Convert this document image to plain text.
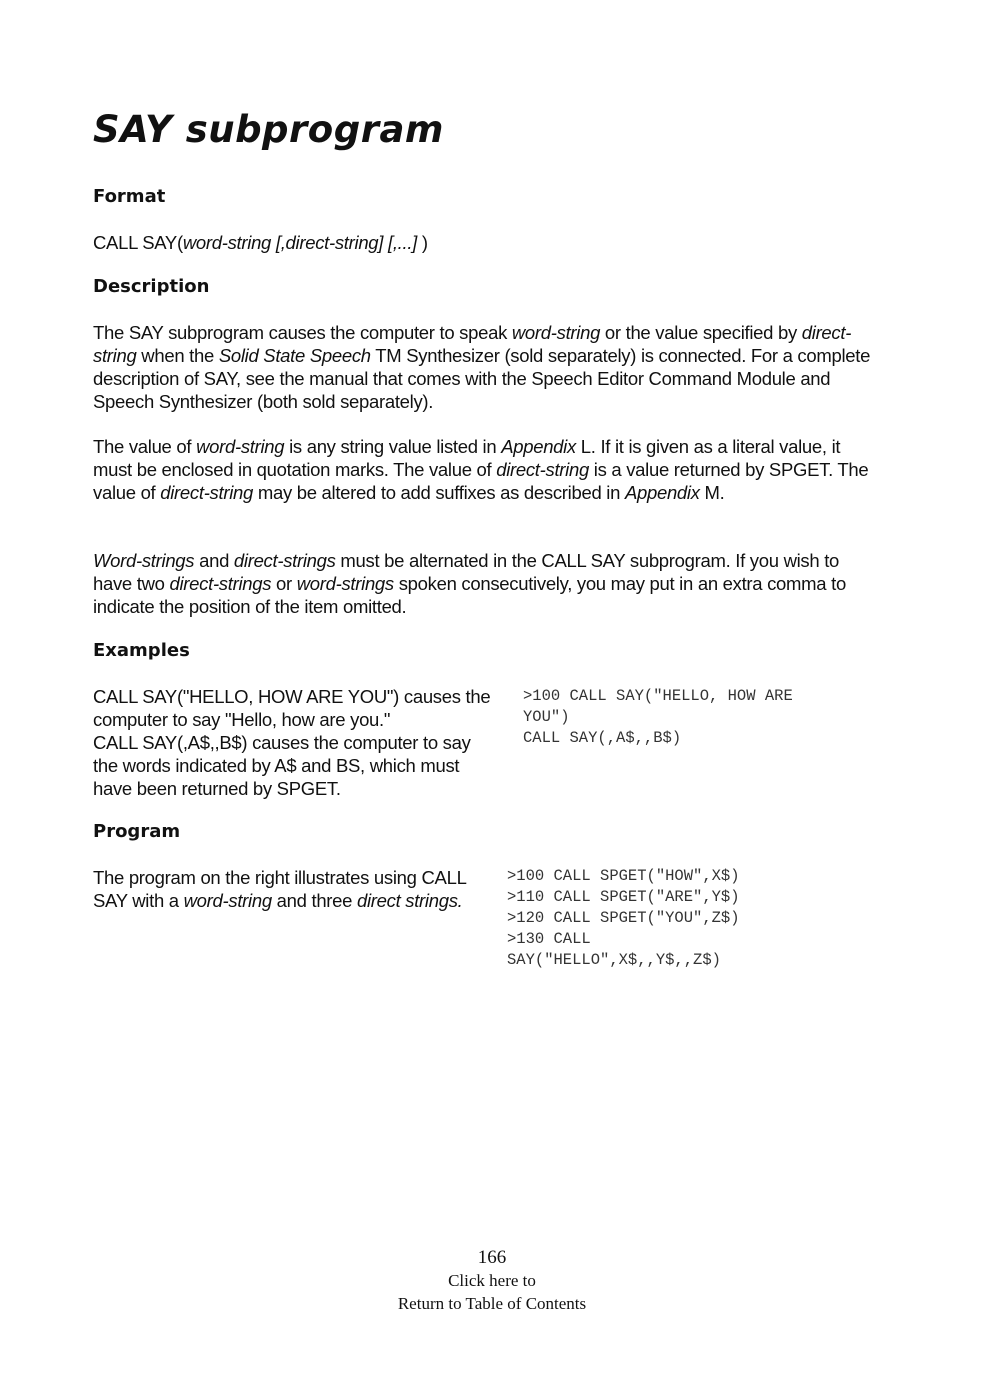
SAY subprogram
Format

CALL SAY(word-string [,direct-string] [,...] )

Description

The SAY subprogram causes the computer to speak word-string or the value specified by direct-string when the Solid State Speech TM Synthesizer (sold separately) is connected. For a complete description of SAY, see the manual that comes with the Speech Editor Command Module and Speech Synthesizer (both sold separately).

The value of word-string is any string value listed in Appendix L. If it is given as a literal value, it must be enclosed in quotation marks. The value of direct-string is a value returned by SPGET. The value of direct-string may be altered to add suffixes as described in Appendix M.

Word-strings and direct-strings must be alternated in the CALL SAY subprogram. If you wish to have two direct-strings or word-strings spoken consecutively, you may put in an extra comma to indicate the position of the item omitted.

Examples
CALL SAY("HELLO, HOW ARE YOU") causes the
computer to say "Hello, how are you."
CALL SAY(,A$,,B$) causes the computer to say
the words indicated by A$ and BS, which must
have been returned by SPGET.
>100 CALL SAY("HELLO, HOW ARE
YOU")
CALL SAY(,A$,,B$)
Program

The program on the right illustrates using CALL SAY with a word-string and three direct strings.

>100 CALL SPGET("HOW",X$)
>110 CALL SPGET("ARE",Y$)
>120 CALL SPGET("YOU",Z$)
>130 CALL
SAY("HELLO",X$,,Y$,,Z$)
166
Click here to
Return to Table of Contents
